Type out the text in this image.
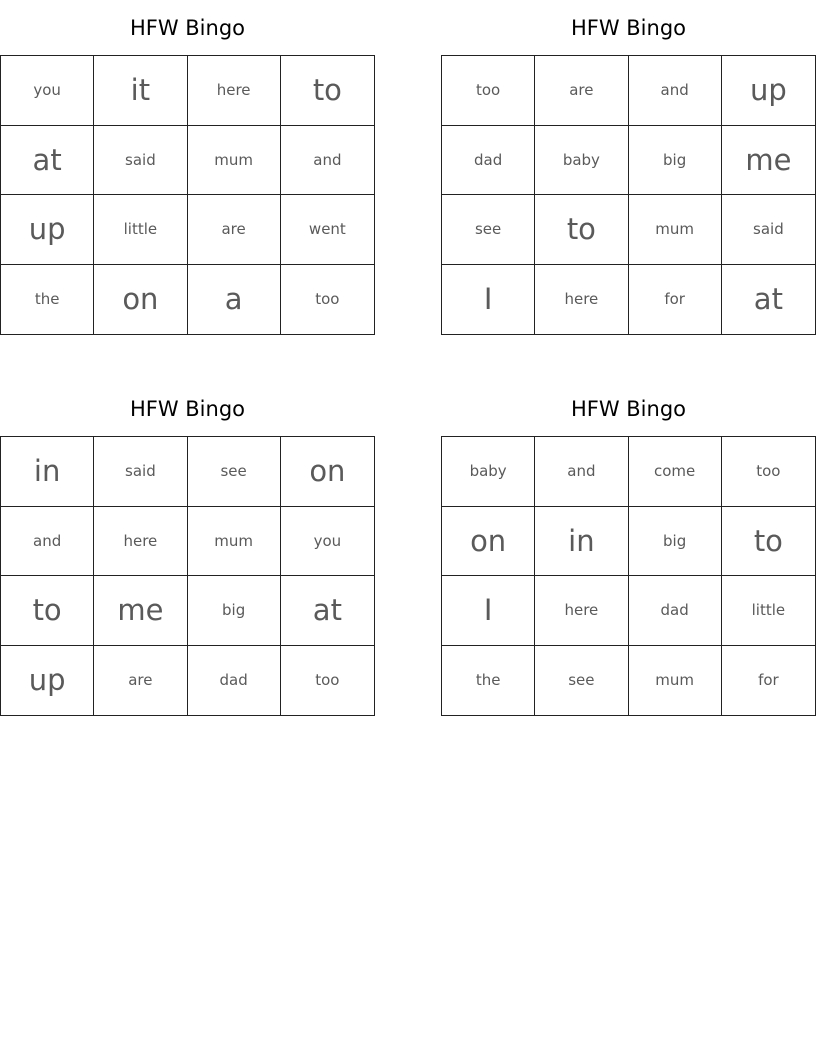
HFW Bingo
you	it	here	to
at	said	mum	and
up	little	are	went
the	on	a	too
HFW Bingo
too	are	and	up
dad	baby	big	me
see	to	mum	said
I	here	for	at
HFW Bingo
in	said	see	on
and	here	mum	you
to	me	big	at
up	are	dad	too
HFW Bingo
baby	and	come	too
on	in	big	to
I	here	dad	little
the	see	mum	for
